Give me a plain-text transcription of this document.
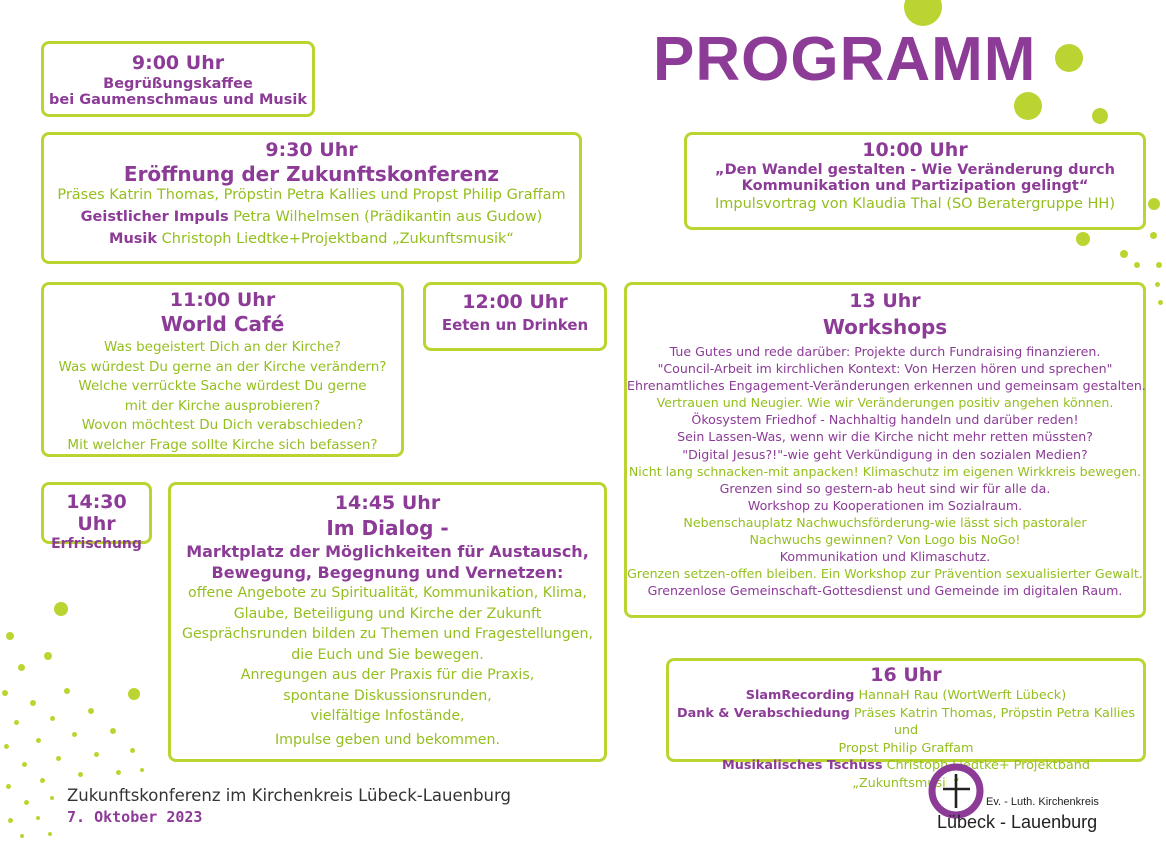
PROGRAMM
9:00 Uhr
Begrüßungskaffee
bei Gaumenschmaus und Musik
9:30 Uhr
Eröffnung der Zukunftskonferenz
Präses Katrin Thomas, Pröpstin Petra Kallies und Propst Philip Graffam
Geistlicher Impuls Petra Wilhelmsen (Prädikantin aus Gudow)
Musik Christoph Liedtke+Projektband „Zukunftsmusik“
10:00 Uhr
„Den Wandel gestalten - Wie Veränderung durch
Kommunikation und Partizipation gelingt“
Impulsvortrag von Klaudia Thal (SO Beratergruppe HH)
11:00 Uhr
World Café
Was begeistert Dich an der Kirche?
Was würdest Du gerne an der Kirche verändern?
Welche verrückte Sache würdest Du gerne
mit der Kirche ausprobieren?
Wovon möchtest Du Dich verabschieden?
Mit welcher Frage sollte Kirche sich befassen?
12:00 Uhr
Eeten un Drinken
13 Uhr
Workshops
Tue Gutes und rede darüber: Projekte durch Fundraising finanzieren.
"Council-Arbeit im kirchlichen Kontext: Von Herzen hören und sprechen"
Ehrenamtliches Engagement-Veränderungen erkennen und gemeinsam gestalten.
Vertrauen und Neugier. Wie wir Veränderungen positiv angehen können.
Ökosystem Friedhof - Nachhaltig handeln und darüber reden!
Sein Lassen-Was, wenn wir die Kirche nicht mehr retten müssten?
"Digital Jesus?!"-wie geht Verkündigung in den sozialen Medien?
Nicht lang schnacken-mit anpacken! Klimaschutz im eigenen Wirkkreis bewegen.
Grenzen sind so gestern-ab heut sind wir für alle da.
Workshop zu Kooperationen im Sozialraum.
Nebenschauplatz Nachwuchsförderung-wie lässt sich pastoraler
Nachwuchs gewinnen? Von Logo bis NoGo!
Kommunikation und Klimaschutz.
Grenzen setzen-offen bleiben. Ein Workshop zur Prävention sexualisierter Gewalt.
Grenzenlose Gemeinschaft-Gottesdienst und Gemeinde im digitalen Raum.
14:30 Uhr
Erfrischung
14:45 Uhr
Im Dialog -
Marktplatz der Möglichkeiten für Austausch,
Bewegung, Begegnung und Vernetzen:
offene Angebote zu Spiritualität, Kommunikation, Klima,
Glaube, Beteiligung und Kirche der Zukunft
Gesprächsrunden bilden zu Themen und Fragestellungen,
die Euch und Sie bewegen.
Anregungen aus der Praxis für die Praxis,
spontane Diskussionsrunden,
vielfältige Infostände,
Impulse geben und bekommen.
16 Uhr
SlamRecording HannaH Rau (WortWerft Lübeck)
Dank & Verabschiedung Präses Katrin Thomas, Pröpstin Petra Kallies und
Propst Philip Graffam
Musikalisches Tschüss Christoph Liedtke+ Projektband „Zukunftsmusik“
Zukunftskonferenz im Kirchenkreis Lübeck-Lauenburg
7. Oktober 2023
Ev. - Luth. Kirchenkreis
Lübeck - Lauenburg
